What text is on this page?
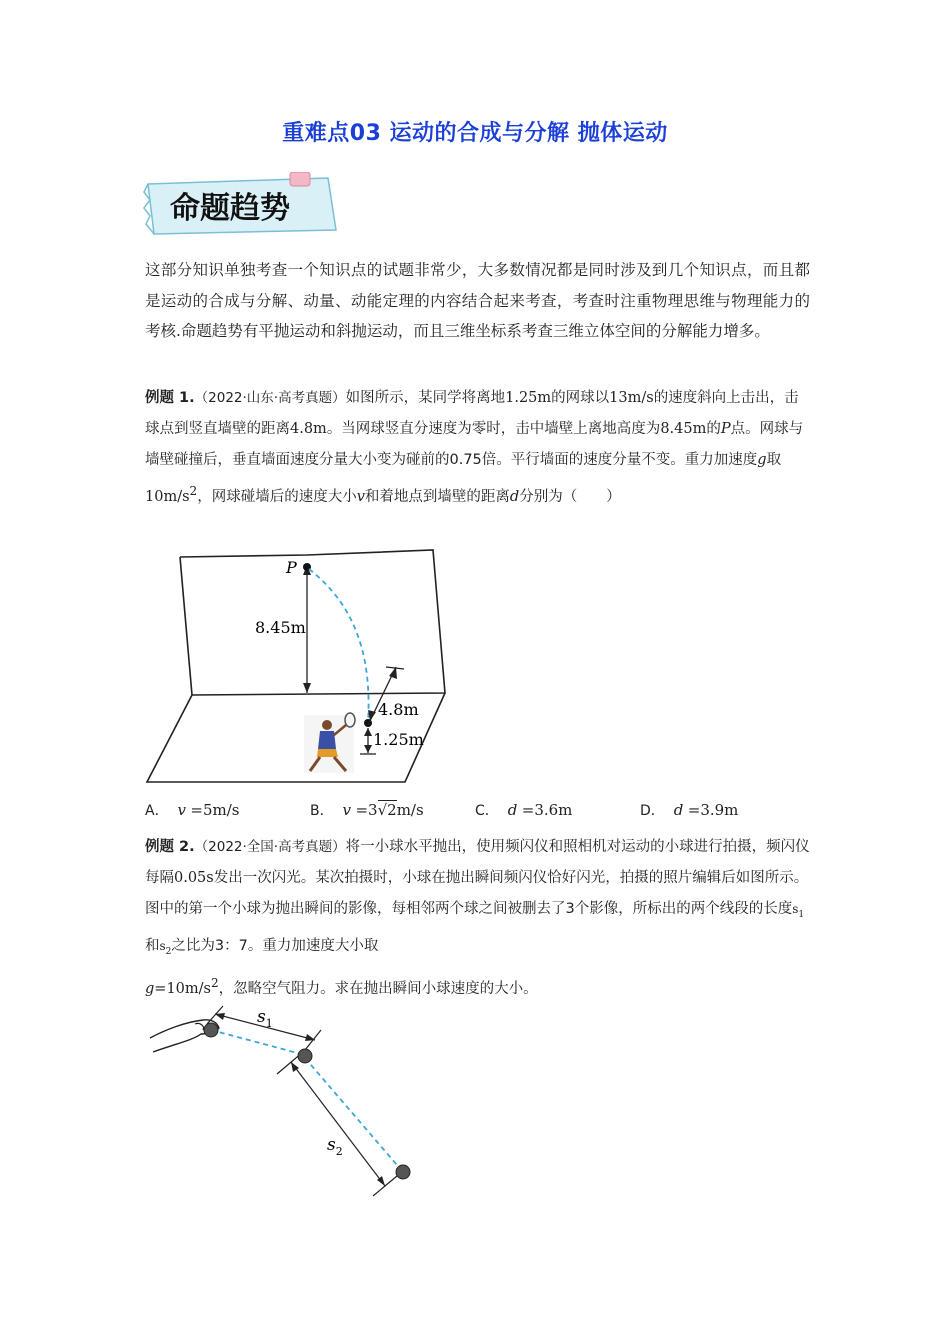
重难点03 运动的合成与分解 抛体运动
命题趋势
这部分知识单独考查一个知识点的试题非常少，大多数情况都是同时涉及到几个知识点，而且都是运动的合成与分解、动量、动能定理的内容结合起来考查，考查时注重物理思维与物理能力的考核.命题趋势有平抛运动和斜抛运动，而且三维坐标系考查三维立体空间的分解能力增多。
例题 1.（2022·山东·高考真题）如图所示，某同学将离地1.25m的网球以13m/s的速度斜向上击出，击球点到竖直墙壁的距离4.8m。当网球竖直分速度为零时，击中墙壁上离地高度为8.45m的P点。网球与墙壁碰撞后，垂直墙面速度分量大小变为碰前的0.75倍。平行墙面的速度分量不变。重力加速度g取$10m/s^2$，网球碰墙后的速度大小v和着地点到墙壁的距离d分别为（　　）
8.45m
P
4.8m
1.25m
A． v =5m/s	B． v =3√2m/s	C． d =3.6m	D． d =3.9m
例题 2.（2022·全国·高考真题）将一小球水平抛出，使用频闪仪和照相机对运动的小球进行拍摄，频闪仪每隔0.05s发出一次闪光。某次拍摄时，小球在抛出瞬间频闪仪恰好闪光，拍摄的照片编辑后如图所示。图中的第一个小球为抛出瞬间的影像，每相邻两个球之间被删去了3个影像，所标出的两个线段的长度$s_1$和$s_2$之比为3：7。重力加速度大小取
$g=10m/s^2$，忽略空气阻力。求在抛出瞬间小球速度的大小。
$s_1$
$s_2$
